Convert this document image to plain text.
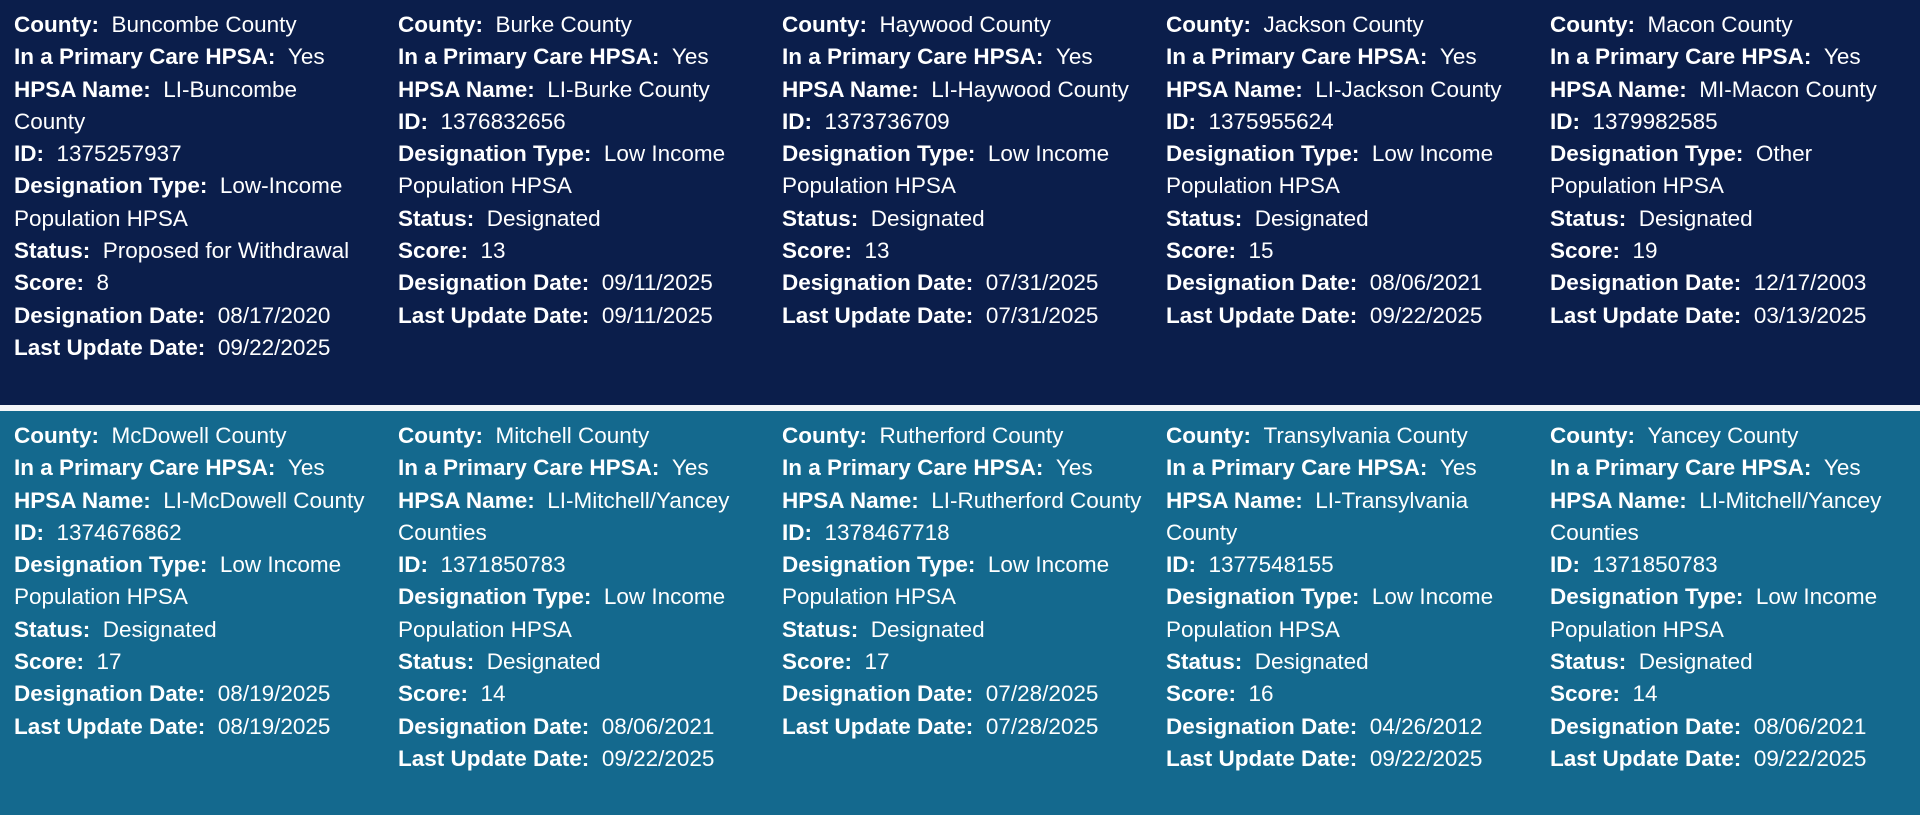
County: Buncombe County
In a Primary Care HPSA: Yes
HPSA Name: LI-Buncombe County
ID: 1375257937
Designation Type: Low-Income Population HPSA
Status: Proposed for Withdrawal
Score: 8
Designation Date: 08/17/2020
Last Update Date: 09/22/2025
County: Burke County
In a Primary Care HPSA: Yes
HPSA Name: LI-Burke County
ID: 1376832656
Designation Type: Low Income Population HPSA
Status: Designated
Score: 13
Designation Date: 09/11/2025
Last Update Date: 09/11/2025
County: Haywood County
In a Primary Care HPSA: Yes
HPSA Name: LI-Haywood County
ID: 1373736709
Designation Type: Low Income Population HPSA
Status: Designated
Score: 13
Designation Date: 07/31/2025
Last Update Date: 07/31/2025
County: Jackson County
In a Primary Care HPSA: Yes
HPSA Name: LI-Jackson County
ID: 1375955624
Designation Type: Low Income Population HPSA
Status: Designated
Score: 15
Designation Date: 08/06/2021
Last Update Date: 09/22/2025
County: Macon County
In a Primary Care HPSA: Yes
HPSA Name: MI-Macon County
ID: 1379982585
Designation Type: Other Population HPSA
Status: Designated
Score: 19
Designation Date: 12/17/2003
Last Update Date: 03/13/2025
County: McDowell County
In a Primary Care HPSA: Yes
HPSA Name: LI-McDowell County
ID: 1374676862
Designation Type: Low Income Population HPSA
Status: Designated
Score: 17
Designation Date: 08/19/2025
Last Update Date: 08/19/2025
County: Mitchell County
In a Primary Care HPSA: Yes
HPSA Name: LI-Mitchell/Yancey Counties
ID: 1371850783
Designation Type: Low Income Population HPSA
Status: Designated
Score: 14
Designation Date: 08/06/2021
Last Update Date: 09/22/2025
County: Rutherford County
In a Primary Care HPSA: Yes
HPSA Name: LI-Rutherford County
ID: 1378467718
Designation Type: Low Income Population HPSA
Status: Designated
Score: 17
Designation Date: 07/28/2025
Last Update Date: 07/28/2025
County: Transylvania County
In a Primary Care HPSA: Yes
HPSA Name: LI-Transylvania County
ID: 1377548155
Designation Type: Low Income Population HPSA
Status: Designated
Score: 16
Designation Date: 04/26/2012
Last Update Date: 09/22/2025
County: Yancey County
In a Primary Care HPSA: Yes
HPSA Name: LI-Mitchell/Yancey Counties
ID: 1371850783
Designation Type: Low Income Population HPSA
Status: Designated
Score: 14
Designation Date: 08/06/2021
Last Update Date: 09/22/2025
